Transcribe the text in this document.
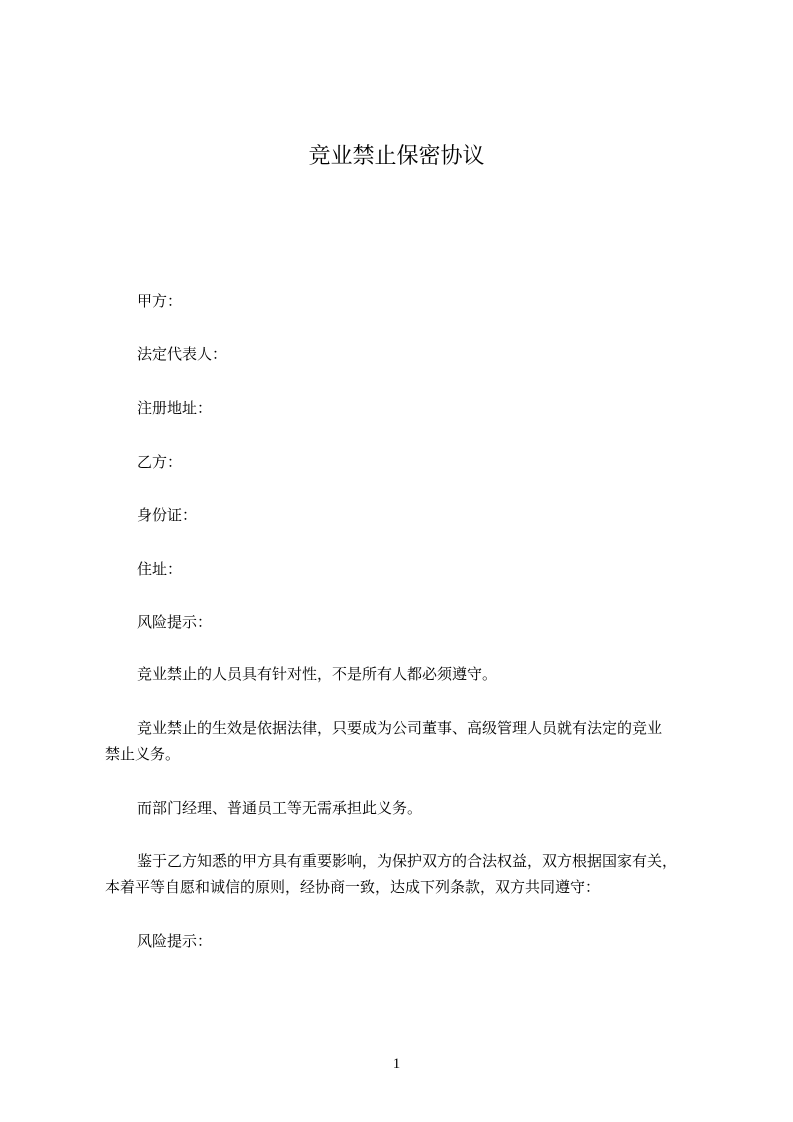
竞业禁止保密协议
甲方：
法定代表人：
注册地址：
乙方：
身份证：
住址：
风险提示：
竞业禁止的人员具有针对性，不是所有人都必须遵守。
竞业禁止的生效是依据法律，只要成为公司董事、高级管理人员就有法定的竞业
禁止义务。
而部门经理、普通员工等无需承担此义务。
鉴于乙方知悉的甲方具有重要影响，为保护双方的合法权益，双方根据国家有关，
本着平等自愿和诚信的原则，经协商一致，达成下列条款，双方共同遵守：
风险提示：
1
